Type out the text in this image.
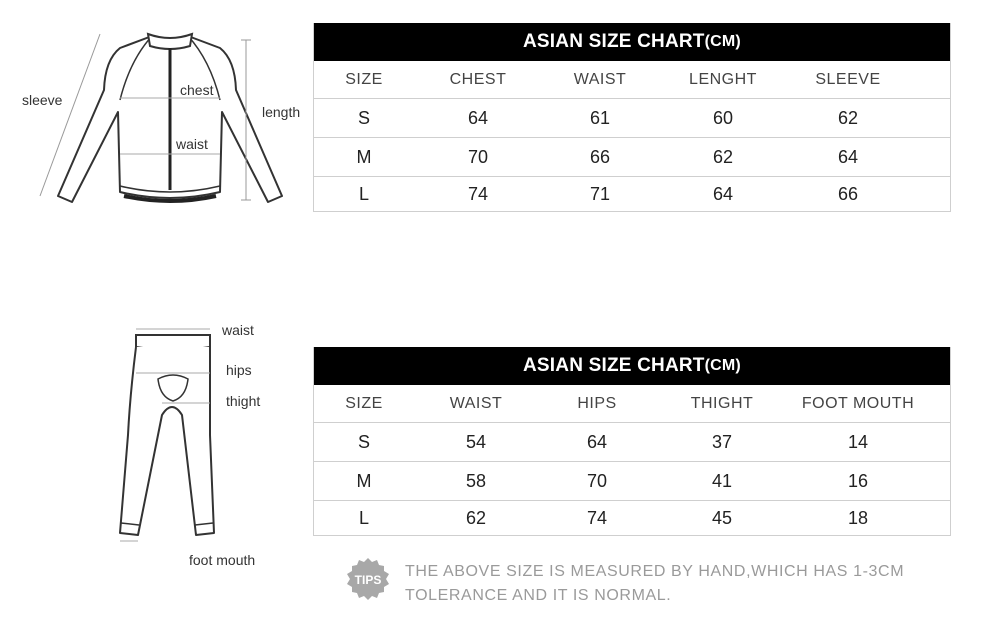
sleeve
chest
length
waist
ASIAN SIZE CHART (CM)
SIZE	CHEST	WAIST	LENGHT	SLEEVE
S	64	61	60	62
M	70	66	62	64
L	74	71	64	66
waist
hips
thight
foot mouth
ASIAN SIZE CHART (CM)
SIZE	WAIST	HIPS	THIGHT	FOOT MOUTH
S	54	64	37	14
M	58	70	41	16
L	62	74	45	18
TIPS THE ABOVE SIZE IS MEASURED BY HAND,WHICH HAS 1-3CM
TOLERANCE AND IT IS NORMAL.
